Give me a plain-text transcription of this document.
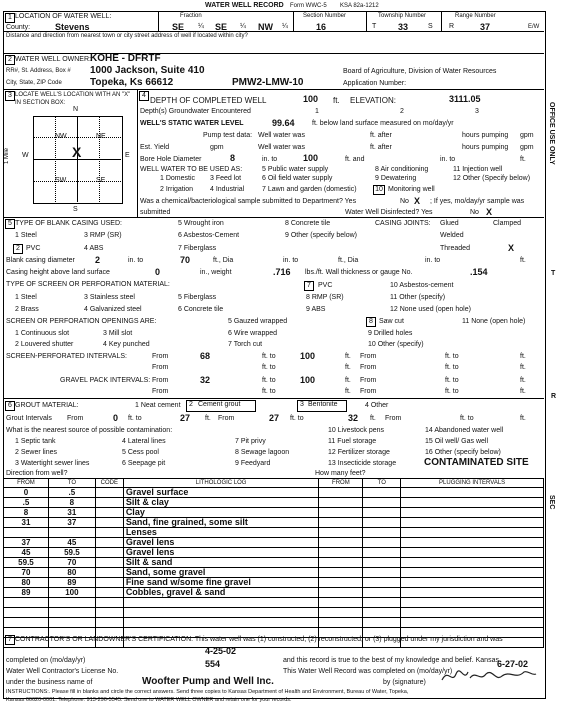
WATER WELL RECORD Form WWC-5 KSA 82a-1212
1 LOCATION OF WATER WELL:
County:	Stevens
Fraction
SE ¼ SE ¼ NW ¼
Section Number
16
Township Number
T 33	S
Range Number
R	37	E/W
Distance and direction from nearest town or city street address of well if located within city?
2 WATER WELL OWNER: KOHE - DFRTF
RR#, St. Address, Box # 1000 Jackson, Suite 410
City, State, ZIP Code	Topeka, Ks 66612	PMW2-LMW-10
Board of Agriculture, Division of Water Resources
Application Number:
3 LOCATE WELL'S LOCATION WITH AN "X" IN SECTION BOX:
N
S
W	E
1 Mile
NW	NE
SW	SE
X
4
DEPTH OF COMPLETED WELL	100 ft. ELEVATION:	3111.05
Depth(s) Groundwater Encountered	1	2	3
WELL'S STATIC WATER LEVEL	99.64 ft. below land surface measured on mo/day/yr
Pump test data: Well water was	ft. after	hours pumping gpm
Est. Yield	gpm	Well water was	ft. after	hours pumping gpm
Bore Hole Diameter	8	in. to	100	ft. and	in. to	ft.
WELL WATER TO BE USED AS:
1 Domestic
2 Irrigation
3 Feed lot
4 Industrial
5 Public water supply
6 Oil field water supply
7 Lawn and garden (domestic)
8 Air conditioning
9 Dewatering
10 Monitoring well
11 Injection well
12 Other (Specify below)
Was a chemical/bacteriological sample submitted to Department? Yes	No X ; If yes, mo/day/yr sample was
submitted	Water Well Disinfected? Yes	No X
5 TYPE OF BLANK CASING USED:
1 Steel
2 PVC
3 RMP (SR)
4 ABS
5 Wrought iron
6 Asbestos-Cement
7 Fiberglass
8 Concrete tile
9 Other (specify below)
CASING JOINTS: Glued	Clamped
Welded
Threaded	X
Blank casing diameter 2	in. to	70	ft., Dia	in. to	ft., Dia	in. to	ft.
Casing height above land surface	0	in., weight	.716 lbs./ft. Wall thickness or gauge No.	.154
TYPE OF SCREEN OR PERFORATION MATERIAL:
1 Steel
2 Brass
3 Stainless steel
4 Galvanized steel
5 Fiberglass
6 Concrete tile
7	PVC
8 RMP (SR)
9 ABS
10 Asbestos-cement
11 Other (specify)
12 None used (open hole)
SCREEN OR PERFORATION OPENINGS ARE:
1 Continuous slot
2 Louvered shutter
3 Mill slot
4 Key punched
5 Gauzed wrapped
6 Wire wrapped
7 Torch cut
8 Saw cut
9 Drilled holes
10 Other (specify)
11 None (open hole)
SCREEN-PERFORATED INTERVALS:	From	68	ft. to	100	ft. From	ft. to	ft.
From	ft. to	ft. From	ft. to	ft.
GRAVEL PACK INTERVALS: From	32	ft. to	100	ft. From	ft. to	ft.
From	ft. to	ft. From	ft. to	ft.
6 GROUT MATERIAL:	1 Neat cement 2 Cement grout	3 Bentonite	4 Other
Grout Intervals From	0 ft. to	27 ft. From	27 ft. to	32 ft. From	ft. to	ft.
What is the nearest source of possible contamination:
1 Septic tank
2 Sewer lines
3 Watertight sewer lines
4 Lateral lines
5 Cess pool
6 Seepage pit
7 Pit privy
8 Sewage lagoon
9 Feedyard
10 Livestock pens
11 Fuel storage
12 Fertilizer storage
13 Insecticide storage
14 Abandoned water well
15 Oil well/ Gas well
16 Other (specify below)
CONTAMINATED SITE
Direction from well?	How many feet?
FROM	TO	CODE	LITHOLOGIC LOG	FROM	TO	PLUGGING INTERVALS
0	.5		Gravel surface			
.5	8		Silt & clay			
8	31		Clay			
31	37		Sand, fine grained, some silt			
			Lenses			
37	45		Gravel lens			
45	59.5		Gravel lens			
59.5	70		Silt & sand			
70	80		Sand, some gravel			
80	89		Fine sand w/some fine gravel			
89	100		Cobbles, gravel & sand			

7 CONTRACTOR'S OR LANDOWNER'S CERTIFICATION: This water well was (1) constructed, (2) reconstructed, or (3) plugged under my jurisdiction and was
completed on (mo/day/yr)
4-25-02
and this record is true to the best of my knowledge and belief. Kansas
Water Well Contractor's License No.
554
This Water Well Record was completed on (mo/day/yr)
6-27-02
under the business name of	Woofter Pump and Well Inc.	by (signature)
INSTRUCTIONS:. Please fill in blanks and circle the correct answers. Send three copies to Kansas Department of Health and Environment, Bureau of Water, Topeka,
Kansas 66620-0001. Telephone: 913-296-5545. Send one to WATER WELL OWNER and retain one for your records.
OFFICE USE ONLY
T
R
SEC
